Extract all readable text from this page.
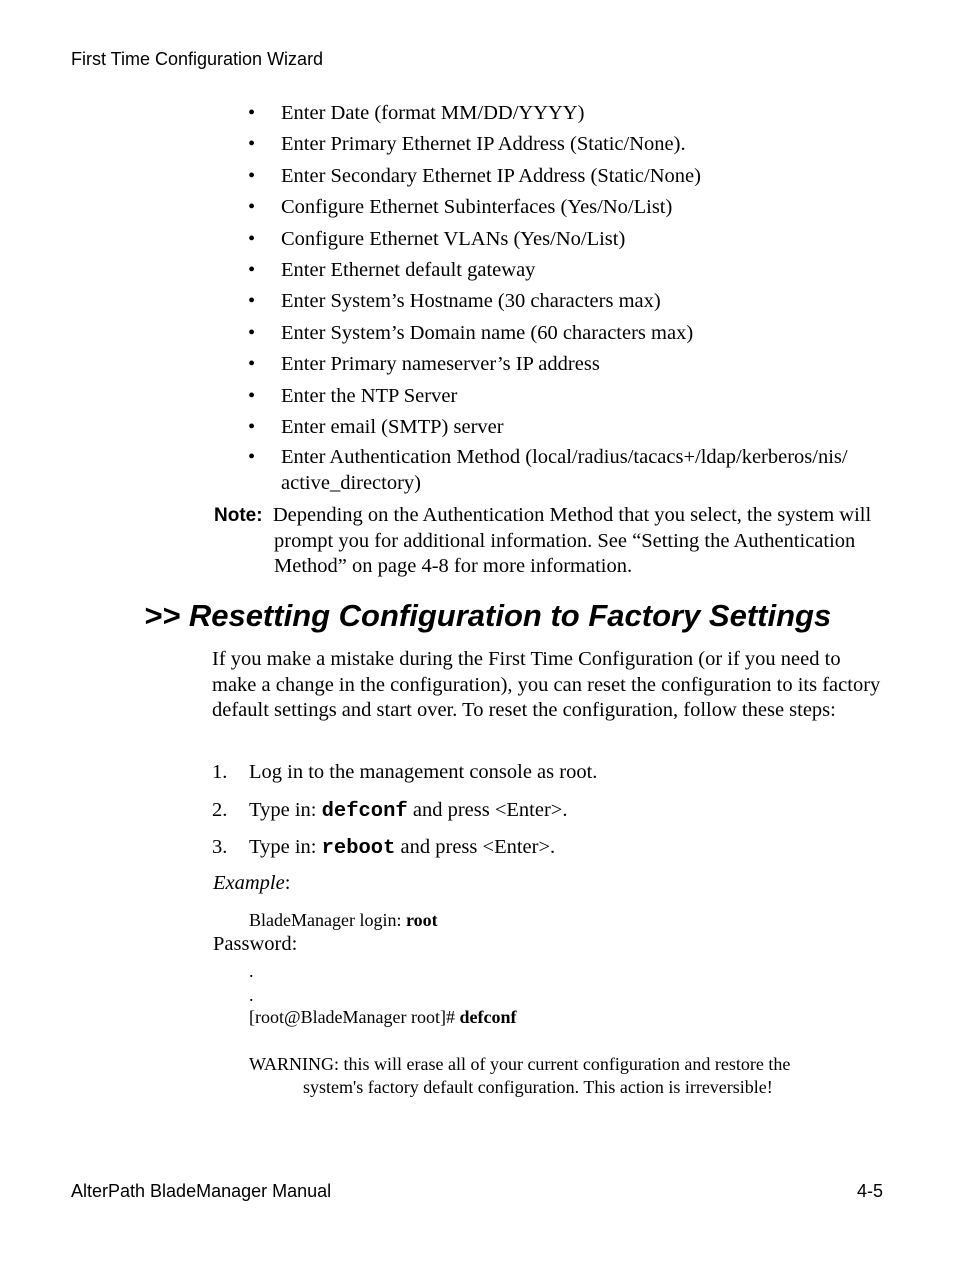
First Time Configuration Wizard
• Enter Date (format MM/DD/YYYY)
• Enter Primary Ethernet IP Address (Static/None).
• Enter Secondary Ethernet IP Address (Static/None)
• Configure Ethernet Subinterfaces (Yes/No/List)
• Configure Ethernet VLANs (Yes/No/List)
• Enter Ethernet default gateway
• Enter System’s Hostname (30 characters max)
• Enter System’s Domain name (60 characters max)
• Enter Primary nameserver’s IP address
• Enter the NTP Server
• Enter email (SMTP) server
• Enter Authentication Method (local/radius/tacacs+/ldap/kerberos/nis/ active_directory)
Note: Depending on the Authentication Method that you select, the system will prompt you for additional information. See “Setting the Authentication Method” on page 4-8 for more information.
>> Resetting Configuration to Factory Settings

If you make a mistake during the First Time Configuration (or if you need to make a change in the configuration), you can reset the configuration to its factory default settings and start over. To reset the configuration, follow these steps:

1. Log in to the management console as root.
2. Type in: defconf and press <Enter>.
3. Type in: reboot and press <Enter>.
Example:
BladeManager login: root
Password:
.
.
[root@BladeManager root]# defconf
WARNING: this will erase all of your current configuration and restore the
system's factory default configuration. This action is irreversible!
AlterPath BladeManager Manual	4-5
